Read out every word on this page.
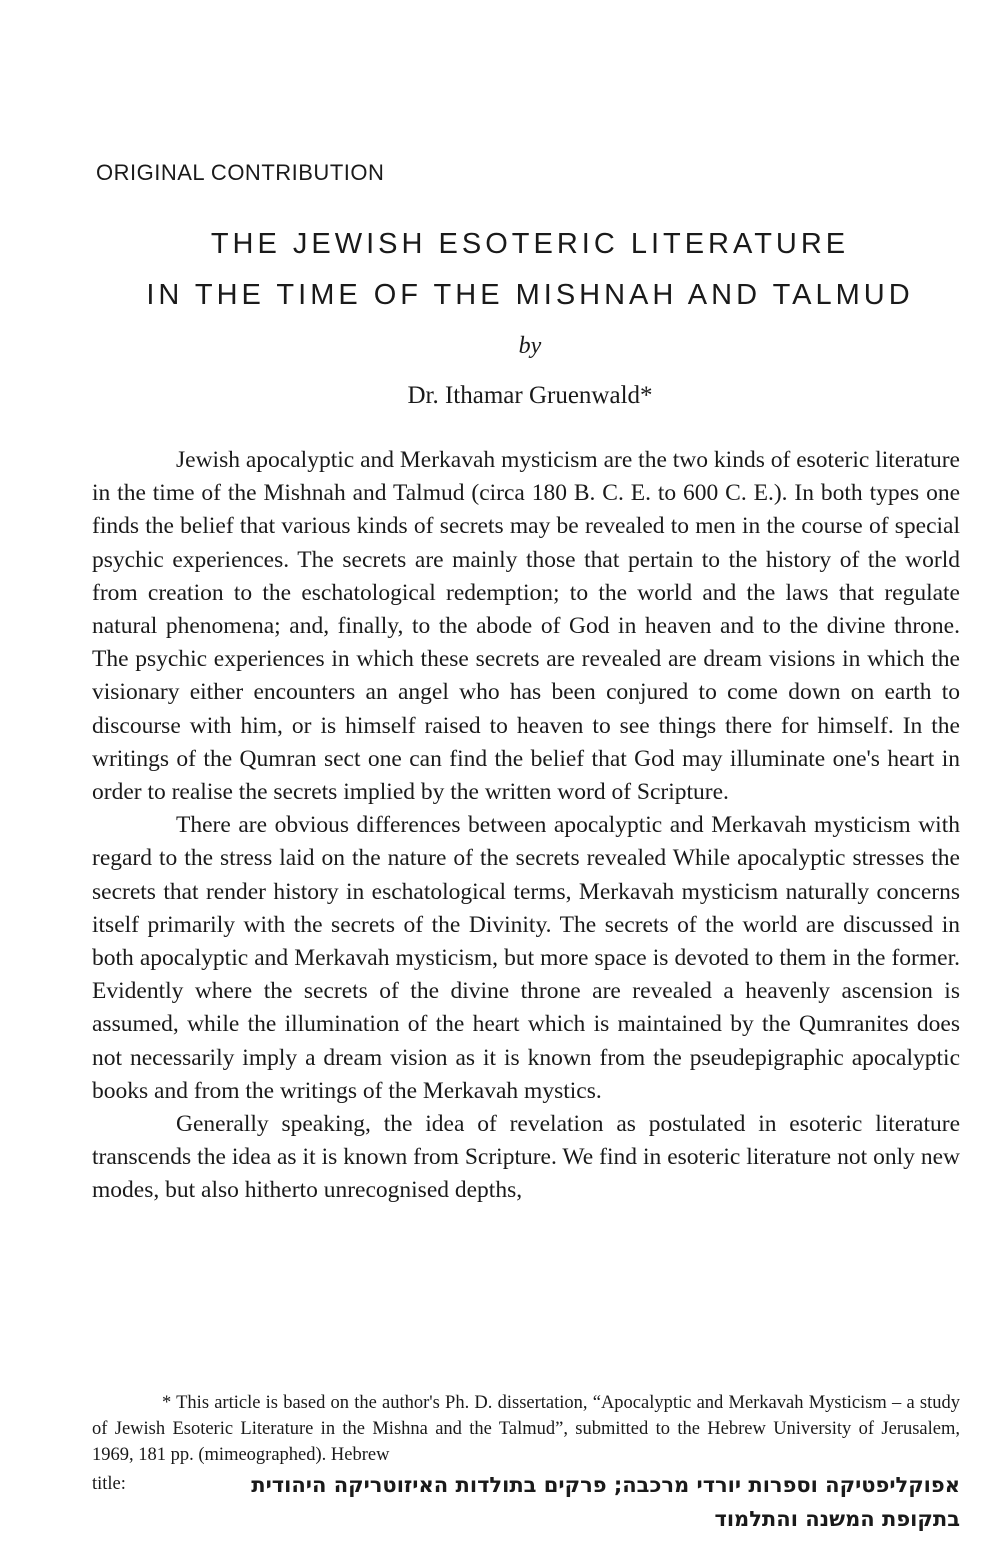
ORIGINAL CONTRIBUTION
THE JEWISH ESOTERIC LITERATURE
IN THE TIME OF THE MISHNAH AND TALMUD
by
Dr. Ithamar Gruenwald*

Jewish apocalyptic and Merkavah mysticism are the two kinds of esoteric literature in the time of the Mishnah and Talmud (circa 180 B. C. E. to 600 C. E.). In both types one finds the belief that various kinds of secrets may be revealed to men in the course of special psychic experiences. The secrets are mainly those that pertain to the history of the world from creation to the eschatological redemption; to the world and the laws that regulate natural phenomena; and, finally, to the abode of God in heaven and to the divine throne. The psychic experiences in which these secrets are revealed are dream visions in which the visionary either encounters an angel who has been conjured to come down on earth to discourse with him, or is himself raised to heaven to see things there for himself. In the writings of the Qumran sect one can find the belief that God may illuminate one's heart in order to realise the secrets implied by the written word of Scripture.

There are obvious differences between apocalyptic and Merkavah mysticism with regard to the stress laid on the nature of the secrets revealed While apocalyptic stresses the secrets that render history in eschatological terms, Merkavah mysticism naturally concerns itself primarily with the secrets of the Divinity. The secrets of the world are discussed in both apocalyptic and Merkavah mysticism, but more space is devoted to them in the former. Evidently where the secrets of the divine throne are revealed a heavenly ascension is assumed, while the illumination of the heart which is maintained by the Qumranites does not necessarily imply a dream vision as it is known from the pseudepigraphic apocalyptic books and from the writings of the Merkavah mystics.

Generally speaking, the idea of revelation as postulated in esoteric literature transcends the idea as it is known from Scripture. We find in esoteric literature not only new modes, but also hitherto unrecognised depths,

* This article is based on the author's Ph. D. dissertation, “Apocalyptic and Merkavah Mysticism – a study of Jewish Esoteric Literature in the Mishna and the Talmud”, submitted to the Hebrew University of Jerusalem, 1969, 181 pp. (mimeographed). Hebrew

title:	אפוקליפטיקה וספרות יורדי מרכבה; פרקים בתולדות האיזוטריקה היהודית בתקופת המשנה והתלמוד
